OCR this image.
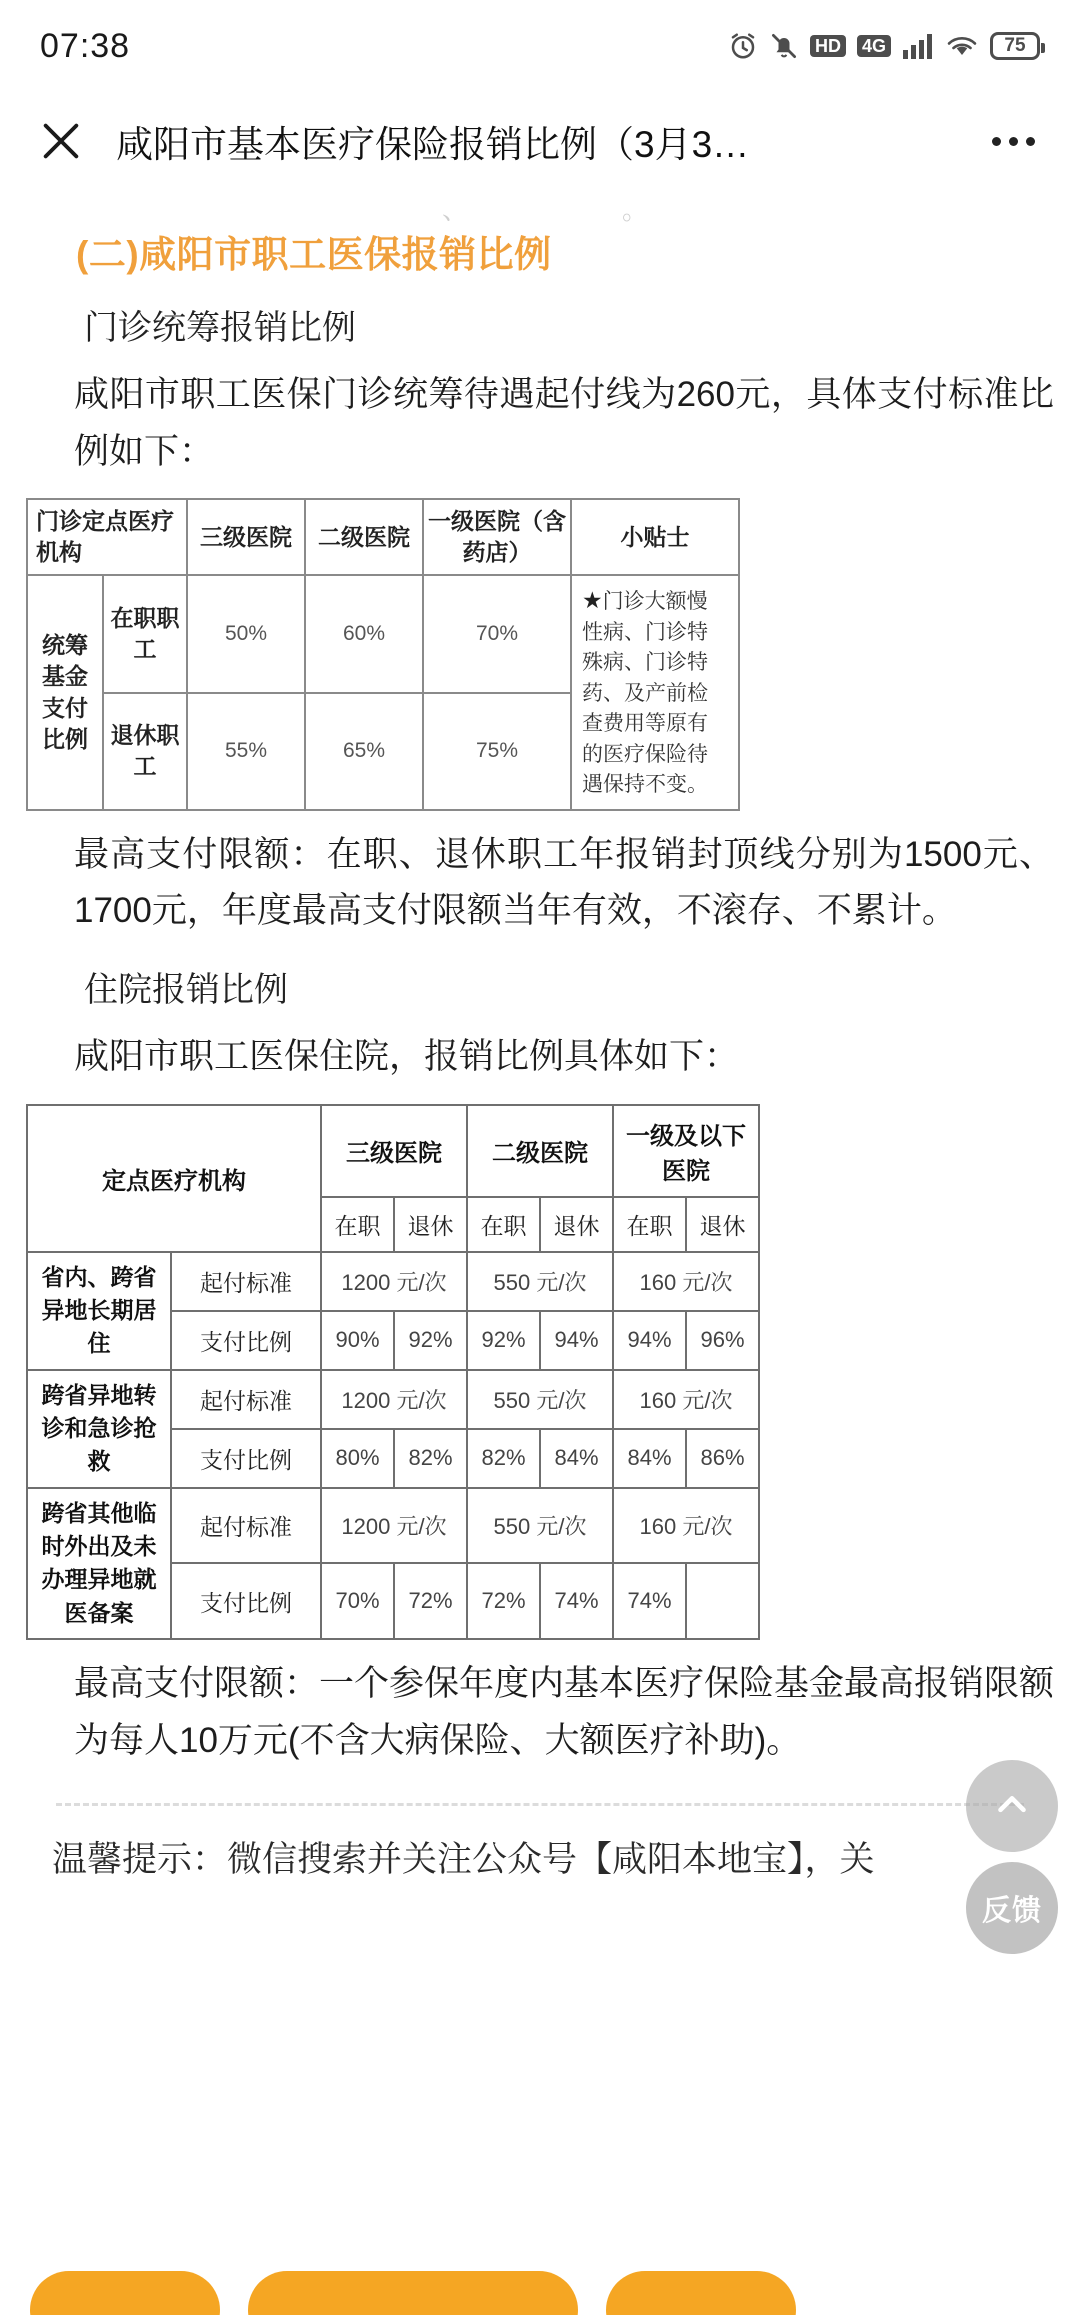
07:38	HD 4G	75
咸阳市基本医疗保险报销比例（3月3…
、	。
(二)咸阳市职工医保报销比例
门诊统筹报销比例
咸阳市职工医保门诊统筹待遇起付线为260元，具体支付标准比例如下：
门诊定点医疗机构		三级医院	二级医院	一级医院（含药店）	小贴士
统筹基金支付比例	在职职工	50%	60%	70%	★门诊大额慢性病、门诊特殊病、门诊特药、及产前检查费用等原有的医疗保险待遇保持不变。
	退休职工	55%	65%	75%	
最高支付限额：在职、退休职工年报销封顶线分别为1500元、1700元，年度最高支付限额当年有效，不滚存、不累计。
住院报销比例
咸阳市职工医保住院，报销比例具体如下：
定点医疗机构		三级医院		二级医院		一级及以下医院	
		在职	退休	在职	退休	在职	退休
省内、跨省异地长期居住	起付标准	1200 元/次		550 元/次		160 元/次	
	支付比例	90%	92%	92%	94%	94%	96%
跨省异地转诊和急诊抢救	起付标准	1200 元/次		550 元/次		160 元/次	
	支付比例	80%	82%	82%	84%	84%	86%
跨省其他临时外出及未办理异地就医备案	起付标准	1200 元/次		550 元/次		160 元/次	
	支付比例	70%	72%	72%	74%	74%	
最高支付限额：一个参保年度内基本医疗保险基金最高报销限额为每人10万元(不含大病保险、大额医疗补助)。
温馨提示：微信搜索并关注公众号【咸阳本地宝】，关
反馈
